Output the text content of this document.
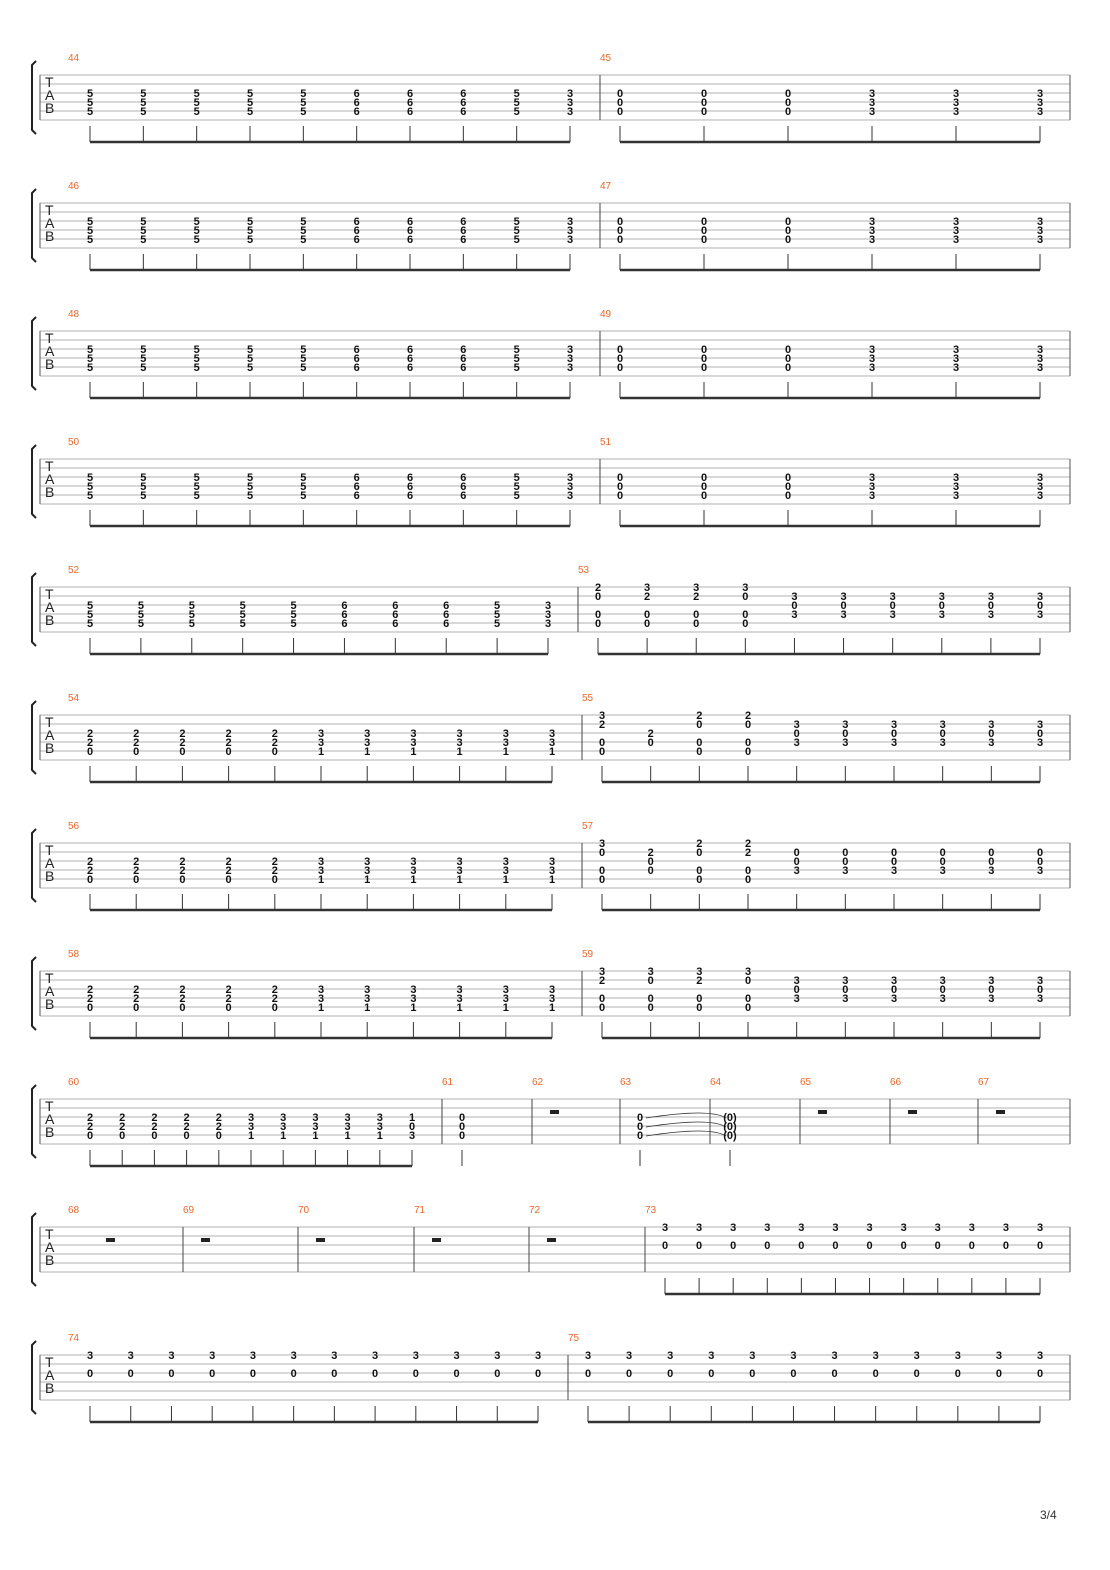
T
A
B
44
5
5
5
5
5
5
5
5
5
5
5
5
5
5
5
6
6
6
6
6
6
6
6
6
5
5
5
3
3
3
45
0
0
0
0
0
0
0
0
0
3
3
3
3
3
3
3
3
3
T
A
B
46
5
5
5
5
5
5
5
5
5
5
5
5
5
5
5
6
6
6
6
6
6
6
6
6
5
5
5
3
3
3
47
0
0
0
0
0
0
0
0
0
3
3
3
3
3
3
3
3
3
T
A
B
48
5
5
5
5
5
5
5
5
5
5
5
5
5
5
5
6
6
6
6
6
6
6
6
6
5
5
5
3
3
3
49
0
0
0
0
0
0
0
0
0
3
3
3
3
3
3
3
3
3
T
A
B
50
5
5
5
5
5
5
5
5
5
5
5
5
5
5
5
6
6
6
6
6
6
6
6
6
5
5
5
3
3
3
51
0
0
0
0
0
0
0
0
0
3
3
3
3
3
3
3
3
3
T
A
B
52
5
5
5
5
5
5
5
5
5
5
5
5
5
5
5
6
6
6
6
6
6
6
6
6
5
5
5
3
3
3
53
2
0
0
0
3
2
0
0
3
2
0
0
3
0
0
0
3
0
3
3
0
3
3
0
3
3
0
3
3
0
3
3
0
3
T
A
B
54
2
2
0
2
2
0
2
2
0
2
2
0
2
2
0
3
3
1
3
3
1
3
3
1
3
3
1
3
3
1
3
3
1
55
3
2
0
0
2
0
2
0
0
0
2
0
0
0
3
0
3
3
0
3
3
0
3
3
0
3
3
0
3
3
0
3
T
A
B
56
2
2
0
2
2
0
2
2
0
2
2
0
2
2
0
3
3
1
3
3
1
3
3
1
3
3
1
3
3
1
3
3
1
57
3
0
0
0
2
0
0
2
0
0
0
2
2
0
0
0
0
3
0
0
3
0
0
3
0
0
3
0
0
3
0
0
3
T
A
B
58
2
2
0
2
2
0
2
2
0
2
2
0
2
2
0
3
3
1
3
3
1
3
3
1
3
3
1
3
3
1
3
3
1
59
3
2
0
0
3
0
0
0
3
2
0
0
3
0
0
0
3
0
3
3
0
3
3
0
3
3
0
3
3
0
3
3
0
3
T
A
B
60
2
2
0
2
2
0
2
2
0
2
2
0
2
2
0
3
3
1
3
3
1
3
3
1
3
3
1
3
3
1
1
0
3
61
0
0
0
62	63
0
0
0
64
(0)
(0)
(0)
65	66	67
T
A
B
68	69	70	71	72	73
3
0
3
0
3
0
3
0
3
0
3
0
3
0
3
0
3
0
3
0
3
0
3
0
T
A
B
74
3
0
3
0
3
0
3
0
3
0
3
0
3
0
3
0
3
0
3
0
3
0
3
0
75
3
0
3
0
3
0
3
0
3
0
3
0
3
0
3
0
3
0
3
0
3
0
3
0
3/4
